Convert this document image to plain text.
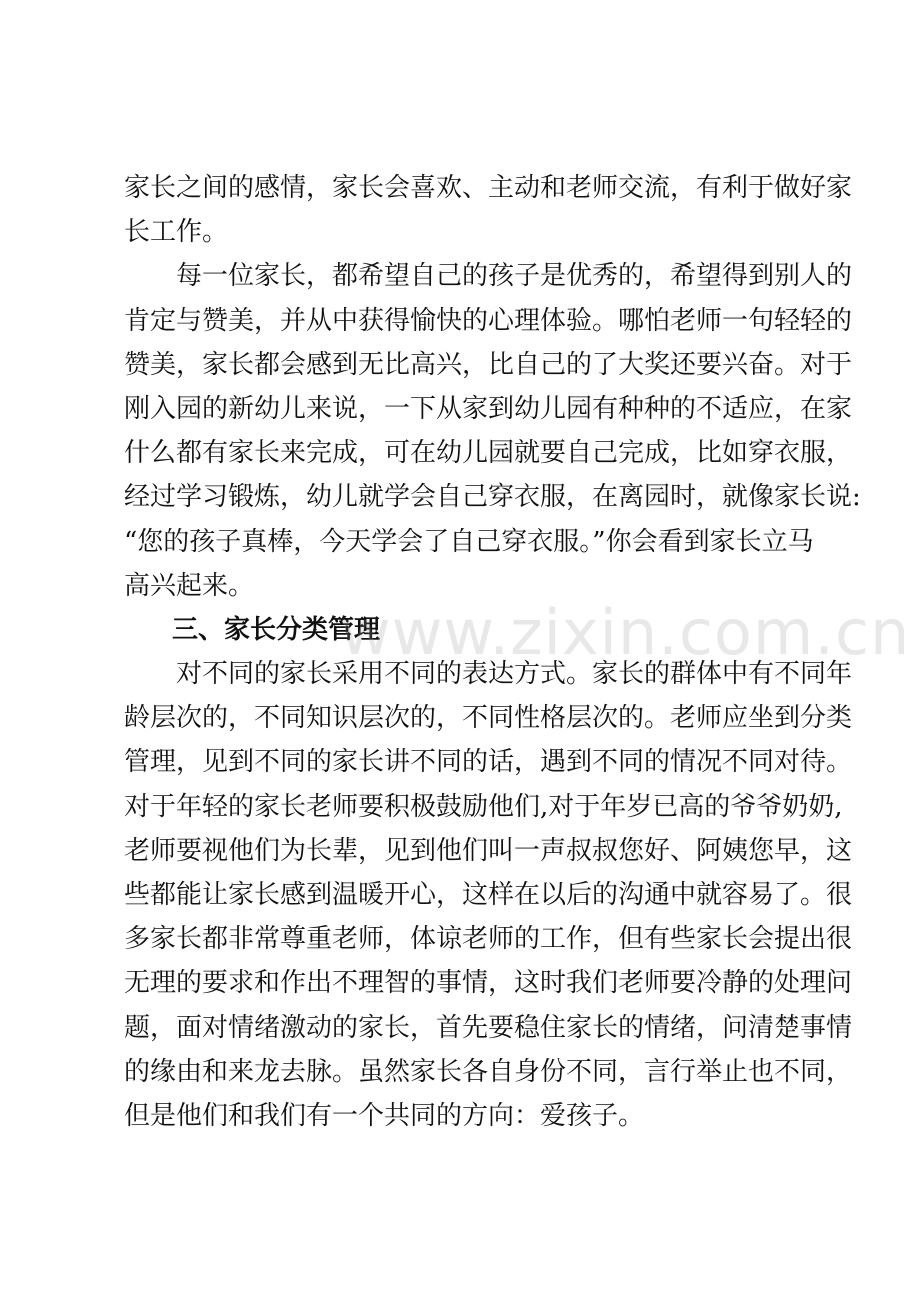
家长之间的感情，家长会喜欢、主动和老师交流，有利于做好家
长工作。
每一位家长，都希望自己的孩子是优秀的，希望得到别人的
肯定与赞美，并从中获得愉快的心理体验。哪怕老师一句轻轻的
赞美，家长都会感到无比高兴，比自己的了大奖还要兴奋。对于
刚入园的新幼儿来说，一下从家到幼儿园有种种的不适应，在家
什么都有家长来完成，可在幼儿园就要自己完成，比如穿衣服，
经过学习锻炼，幼儿就学会自己穿衣服，在离园时，就像家长说:
“您的孩子真棒，今天学会了自己穿衣服。”你会看到家长立马
高兴起来。
三、家长分类管理
对不同的家长采用不同的表达方式。家长的群体中有不同年
龄层次的，不同知识层次的，不同性格层次的。老师应坐到分类
管理，见到不同的家长讲不同的话，遇到不同的情况不同对待。
对于年轻的家长老师要积极鼓励他们,对于年岁已高的爷爷奶奶,
老师要视他们为长辈，见到他们叫一声叔叔您好、阿姨您早，这
些都能让家长感到温暖开心，这样在以后的沟通中就容易了。很
多家长都非常尊重老师，体谅老师的工作，但有些家长会提出很
无理的要求和作出不理智的事情，这时我们老师要冷静的处理问
题，面对情绪激动的家长，首先要稳住家长的情绪，问清楚事情
的缘由和来龙去脉。虽然家长各自身份不同，言行举止也不同，
但是他们和我们有一个共同的方向：爱孩子。
www.zixin.com.cn
